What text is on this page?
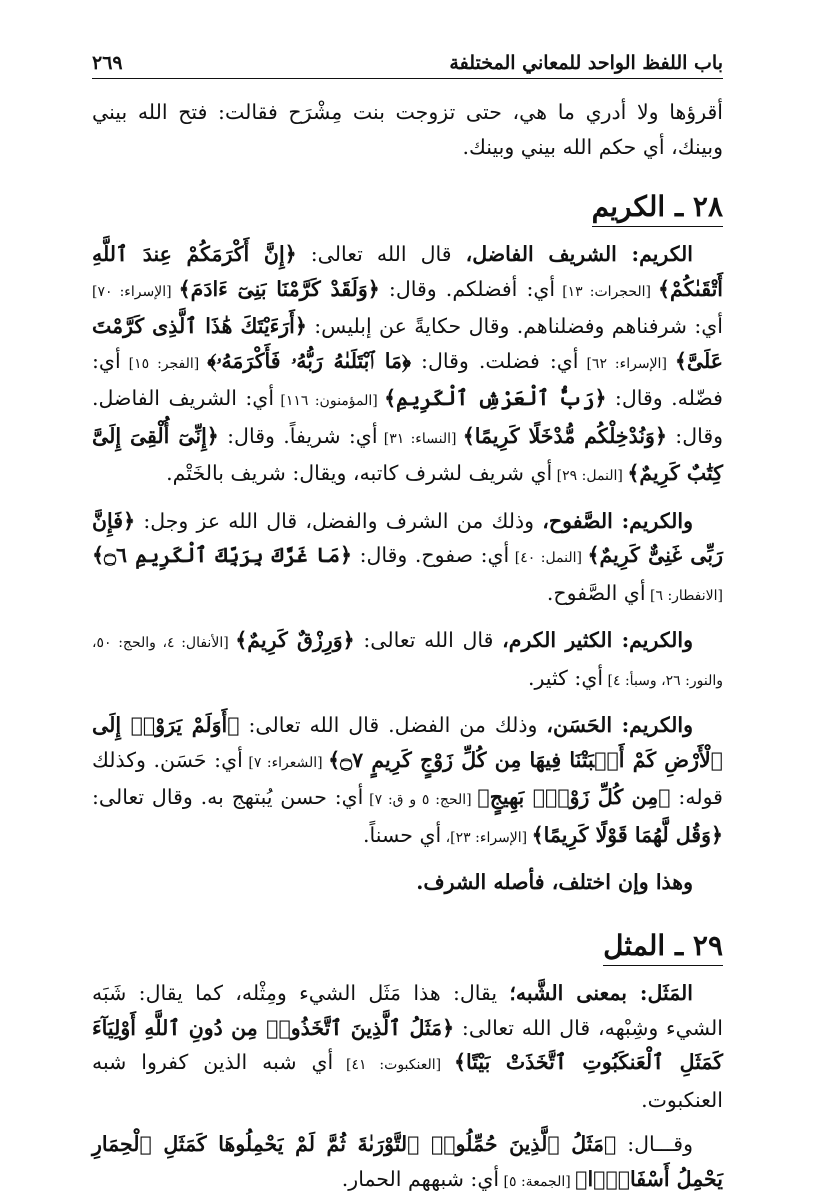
باب اللفظ الواحد للمعاني المختلفة
٢٦٩

أقرؤها ولا أدري ما هي، حتى تزوجت بنت مِشْرَح فقالت: فتح الله بيني وبينك، أي حكم الله بيني وبينك.

٢٨ ـ الكريم

الكريم: الشريف الفاضل، قال الله تعالى: ﴿إِنَّ أَكْرَمَكُمْ عِندَ ٱللَّهِ أَتْقَىٰكُمْ﴾ [الحجرات: ١٣] أي: أفضلكم. وقال: ﴿وَلَقَدْ كَرَّمْنَا بَنِىٓ ءَادَمَ﴾ [الإسراء: ٧٠] أي: شرفناهم وفضلناهم. وقال حكايةً عن إبليس: ﴿أَرَءَيْتَكَ هَٰذَا ٱلَّذِى كَرَّمْتَ عَلَىَّ﴾ [الإسراء: ٦٢] أي: فضلت. وقال: ﴿مَا ٱبْتَلَىٰهُ رَبُّهُۥ فَأَكْرَمَهُۥ﴾ [الفجر: ١٥] أي: فضّله. وقال: ﴿رَبُّ ٱلْعَرْشِ ٱلْكَرِيمِ﴾ [المؤمنون: ١١٦] أي: الشريف الفاضل. وقال: ﴿وَنُدْخِلْكُم مُّدْخَلًا كَرِيمًا﴾ [النساء: ٣١] أي: شريفاً. وقال: ﴿إِنِّىٓ أُلْقِىَ إِلَىَّ كِتَٰبٌ كَرِيمٌ﴾ [النمل: ٢٩] أي شريف لشرف كاتبه، ويقال: شريف بالخَتْم.

والكريم: الصَّفوح، وذلك من الشرف والفضل، قال الله عز وجل: ﴿فَإِنَّ رَبِّى غَنِىٌّ كَرِيمٌ﴾ [النمل: ٤٠] أي: صفوح. وقال: ﴿مَا غَرَّكَ بِرَبِّكَ ٱلْكَرِيمِ ۝٦﴾ [الانفطار: ٦] أي الصَّفوح.

والكريم: الكثير الكرم، قال الله تعالى: ﴿وَرِزْقٌ كَرِيمٌ﴾ [الأنفال: ٤، والحج: ٥٠، والنور: ٢٦، وسبأ: ٤] أي: كثير.

والكريم: الحَسَن، وذلك من الفضل. قال الله تعالى: ﴿أَوَلَمْ يَرَوْا۟ إِلَى ٱلْأَرْضِ كَمْ أَنۢبَتْنَا فِيهَا مِن كُلِّ زَوْجٍ كَرِيمٍ ۝٧﴾ [الشعراء: ٧] أي: حَسَن. وكذلك قوله: ﴿مِن كُلِّ زَوْجٍۭ بَهِيجٍ﴾ [الحج: ٥ و ق: ٧] أي: حسن يُبتهج به. وقال تعالى: ﴿وَقُل لَّهُمَا قَوْلًا كَرِيمًا﴾ [الإسراء: ٢٣]، أي حسناً.

وهذا وإن اختلف، فأصله الشرف.

٢٩ ـ المثل

المَثَل: بمعنى الشَّبه؛ يقال: هذا مَثَل الشيء ومِثْله، كما يقال: شَبَه الشيء وشِبْهه، قال الله تعالى: ﴿مَثَلُ ٱلَّذِينَ ٱتَّخَذُوا۟ مِن دُونِ ٱللَّهِ أَوْلِيَآءَ كَمَثَلِ ٱلْعَنكَبُوتِ ٱتَّخَذَتْ بَيْتًا﴾ [العنكبوت: ٤١] أي شبه الذين كفروا شبه العنكبوت.

وقـــال: ﴿مَثَلُ ٱلَّذِينَ حُمِّلُوا۟ ٱلتَّوْرَىٰةَ ثُمَّ لَمْ يَحْمِلُوهَا كَمَثَلِ ٱلْحِمَارِ يَحْمِلُ أَسْفَارًۢا﴾ [الجمعة: ٥] أي: شبههم الحمار.
